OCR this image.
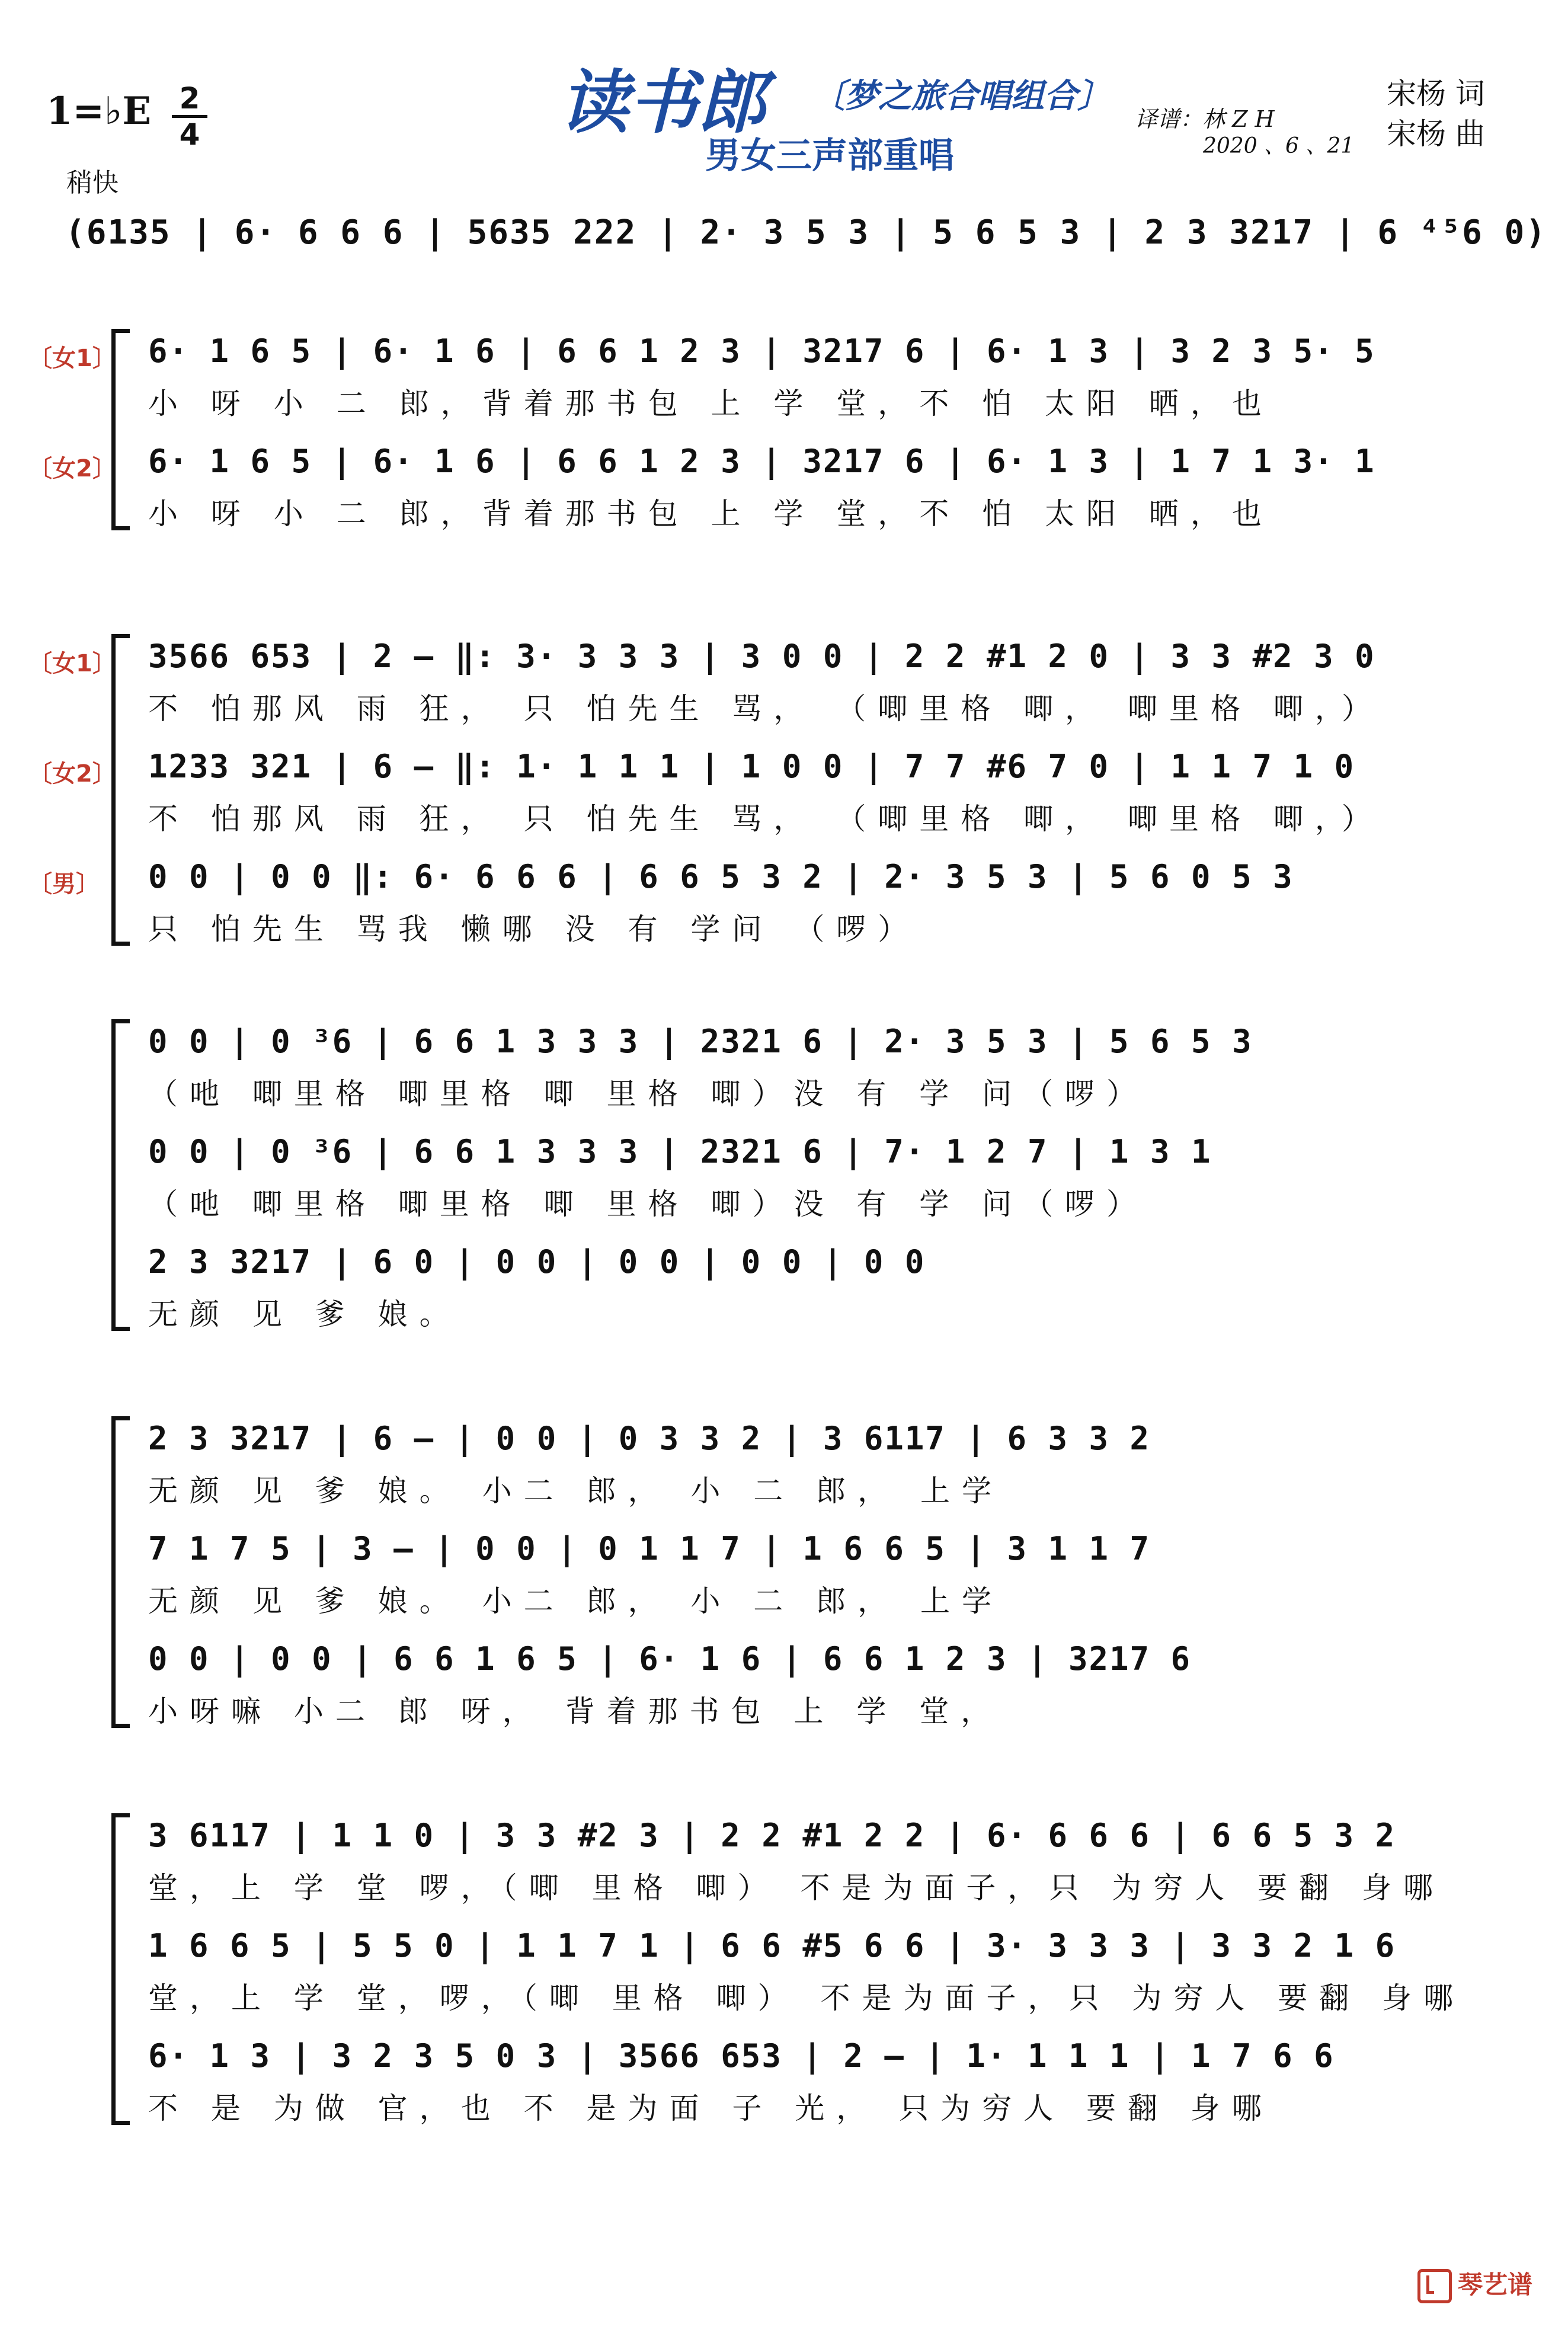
1=♭E 2
4
稍快
读书郎 〔梦之旅合唱组合〕
男女三声部重唱
译谱：林 Z H
2020 、6 、21
宋杨 词
宋杨 曲
(6135 | 6· 6 6 6 | 5635 222 | 2· 3 5 3 | 5 6 5 3 | 2 3 3217 | 6 ⁴⁵6 0)
〔女1〕 6· 1 6 5 | 6· 1 6 | 6 6 1 2 3 | 3217 6 | 6· 1 3 | 3 2 3 5· 5
小 呀 小 二 郎，背着那书包 上 学 堂，不 怕 太阳 晒，也
〔女2〕 6· 1 6 5 | 6· 1 6 | 6 6 1 2 3 | 3217 6 | 6· 1 3 | 1 7 1 3· 1
小 呀 小 二 郎，背着那书包 上 学 堂，不 怕 太阳 晒，也
〔女1〕 3566 653 | 2 – ‖: 3· 3 3 3 | 3 0 0 | 2 2 #1 2 0 | 3 3 #2 3 0
不 怕那风 雨 狂， 只 怕先生 骂， （唧里格 唧， 唧里格 唧，）
〔女2〕 1233 321 | 6 – ‖: 1· 1 1 1 | 1 0 0 | 7 7 #6 7 0 | 1 1 7 1 0
不 怕那风 雨 狂， 只 怕先生 骂， （唧里格 唧， 唧里格 唧，）
〔男〕 0 0 | 0 0 ‖: 6· 6 6 6 | 6 6 5 3 2 | 2· 3 5 3 | 5 6 0 5 3
只 怕先生 骂我 懒哪 没 有 学问 （啰）
0 0 | 0 ³6 | 6 6 1 3 3 3 | 2321 6 | 2· 3 5 3 | 5 6 5 3
（吔 唧里格 唧里格 唧 里格 唧）没 有 学 问（啰）
0 0 | 0 ³6 | 6 6 1 3 3 3 | 2321 6 | 7· 1 2 7 | 1 3 1
（吔 唧里格 唧里格 唧 里格 唧）没 有 学 问（啰）
2 3 3217 | 6 0 | 0 0 | 0 0 | 0 0 | 0 0
无颜 见 爹 娘。
2 3 3217 | 6 – | 0 0 | 0 3 3 2 | 3 6117 | 6 3 3 2
无颜 见 爹 娘。 小二 郎， 小 二 郎， 上学
7 1 7 5 | 3 – | 0 0 | 0 1 1 7 | 1 6 6 5 | 3 1 1 7
无颜 见 爹 娘。 小二 郎， 小 二 郎， 上学
0 0 | 0 0 | 6 6 1 6 5 | 6· 1 6 | 6 6 1 2 3 | 3217 6
小呀嘛 小二 郎 呀， 背着那书包 上 学 堂，
3 6117 | 1 1 0 | 3 3 #2 3 | 2 2 #1 2 2 | 6· 6 6 6 | 6 6 5 3 2
堂，上 学 堂 啰，（唧 里格 唧） 不是为面子，只 为穷人 要翻 身哪
1 6 6 5 | 5 5 0 | 1 1 7 1 | 6 6 #5 6 6 | 3· 3 3 3 | 3 3 2 1 6
堂，上 学 堂，啰，（唧 里格 唧） 不是为面子，只 为穷人 要翻 身哪
6· 1 3 | 3 2 3 5 0 3 | 3566 653 | 2 – | 1· 1 1 1 | 1 7 6 6
不 是 为做 官，也 不 是为面 子 光， 只为穷人 要翻 身哪
琴艺谱
